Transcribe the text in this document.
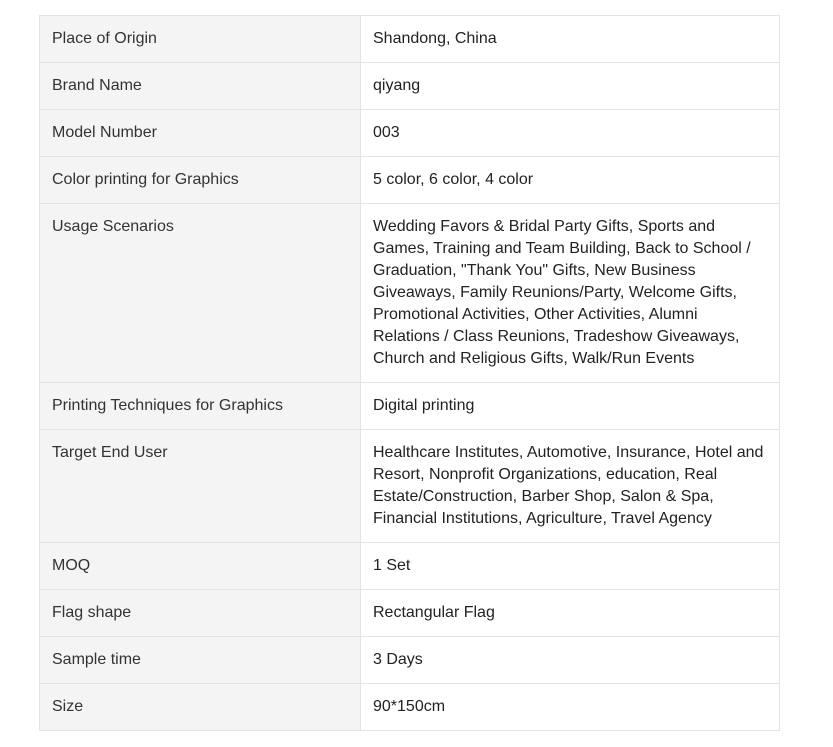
Place of Origin	Shandong, China
Brand Name	qiyang
Model Number	003
Color printing for Graphics	5 color, 6 color, 4 color
Usage Scenarios	Wedding Favors & Bridal Party Gifts, Sports and Games, Training and Team Building, Back to School / Graduation, "Thank You" Gifts, New Business Giveaways, Family Reunions/Party, Welcome Gifts, Promotional Activities, Other Activities, Alumni Relations / Class Reunions, Tradeshow Giveaways, Church and Religious Gifts, Walk/Run Events
Printing Techniques for Graphics	Digital printing
Target End User	Healthcare Institutes, Automotive, Insurance, Hotel and Resort, Nonprofit Organizations, education, Real Estate/Construction, Barber Shop, Salon & Spa, Financial Institutions, Agriculture, Travel Agency
MOQ	1 Set
Flag shape	Rectangular Flag
Sample time	3 Days
Size	90*150cm
